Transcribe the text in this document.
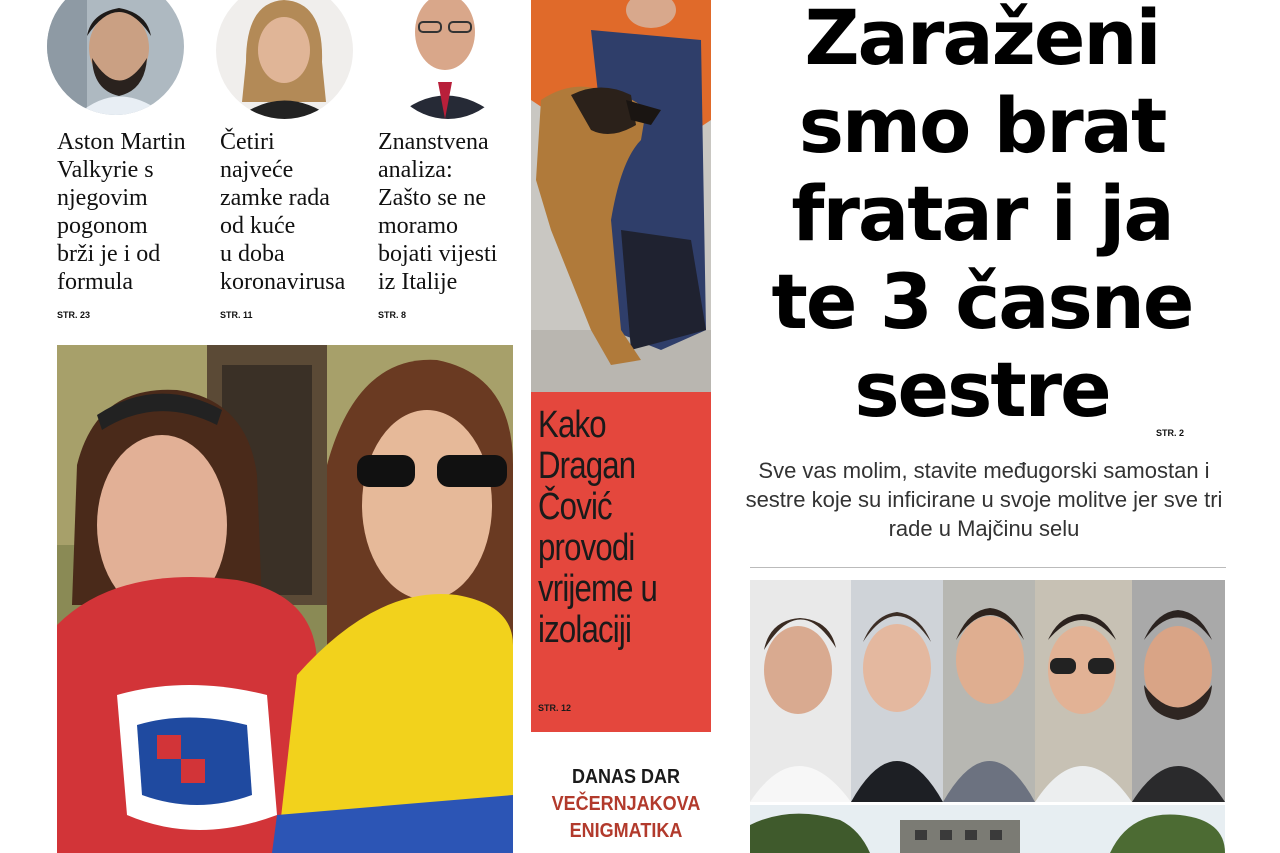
Aston Martin
Valkyrie s
njegovim
pogonom
brži je i od
formula
STR. 23
Četiri
najveće
zamke rada
od kuće
u doba
koronavirusa
STR. 11
Znanstvena
analiza:
Zašto se ne
moramo
bojati vijesti
iz Italije
STR. 8
Kako
Dragan
Čović
provodi
vrijeme u
izolaciji
STR. 12
DANAS DAR
VEČERNJAKOVA
ENIGMATIKA
Zaraženi
smo brat
fratar i ja
te 3 časne
sestre	STR. 2
Sve vas molim, stavite međugorski samostan i sestre koje su inficirane u svoje molitve jer sve tri rade u Majčinu selu
